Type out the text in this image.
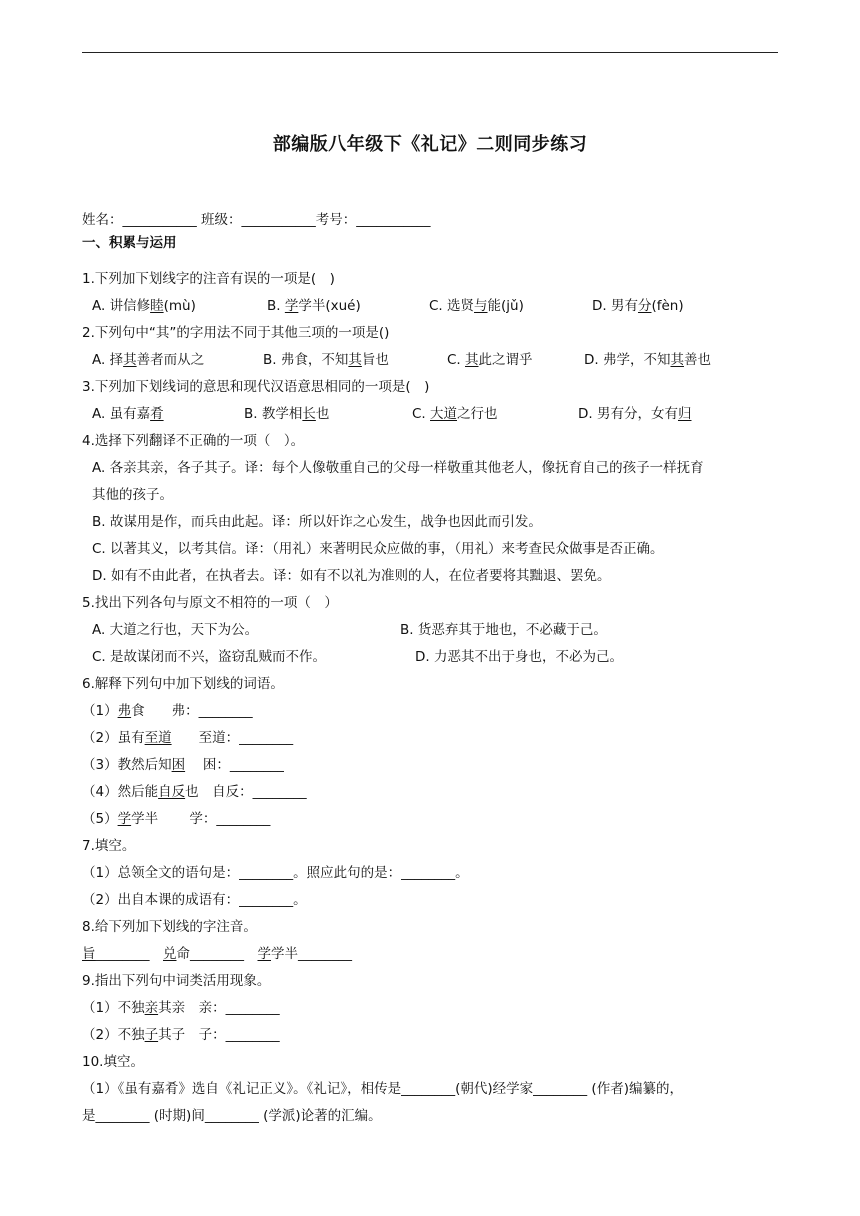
部编版八年级下《礼记》二则同步练习
姓名：___________ 班级：___________考号：___________
一、积累与运用
1.下列加下划线字的注音有误的一项是(　)
A. 讲信修睦(mù)	B. 学学半(xué)	C. 选贤与能(jǔ)	D. 男有分(fèn)
2.下列句中“其”的字用法不同于其他三项的一项是()
A. 择其善者而从之	B. 弗食，不知其旨也	C. 其此之谓乎	D. 弗学，不知其善也
3.下列加下划线词的意思和现代汉语意思相同的一项是(　)
A. 虽有嘉肴	B. 教学相长也	C. 大道之行也	D. 男有分，女有归
4.选择下列翻译不正确的一项（　）。
A. 各亲其亲，各子其子。译：每个人像敬重自己的父母一样敬重其他老人，像抚育自己的孩子一样抚育
其他的孩子。
B. 故谋用是作，而兵由此起。译：所以奸诈之心发生，战争也因此而引发。
C. 以著其义，以考其信。译：（用礼）来著明民众应做的事，（用礼）来考查民众做事是否正确。
D. 如有不由此者，在执者去。译：如有不以礼为准则的人，在位者要将其黜退、罢免。
5.找出下列各句与原文不相符的一项（　）
A. 大道之行也，天下为公。	B. 货恶弃其于地也，不必藏于己。
C. 是故谋闭而不兴，盗窃乱贼而不作。	D. 力恶其不出于身也，不必为己。
6.解释下列句中加下划线的词语。
（1）弗食　　 弗：________
（2）虽有至道　　 至道：________
（3）教然后知困　 困：________
（4）然后能自反也　 自反：________
（5）学学半　　 学：________
7.填空。
（1）总领全文的语句是：________。照应此句的是：________。
（2）出自本课的成语有：________。
8.给下列加下划线的字注音。
旨________　 兑命________　 学学半________
9.指出下列句中词类活用现象。
（1）不独亲其亲　 亲：________
（2）不独子其子　 子：________
10.填空。
（1）《虽有嘉肴》选自《礼记正义》。《礼记》，相传是________(朝代)经学家________ (作者)编纂的，
是________ (时期)间________ (学派)论著的汇编。
